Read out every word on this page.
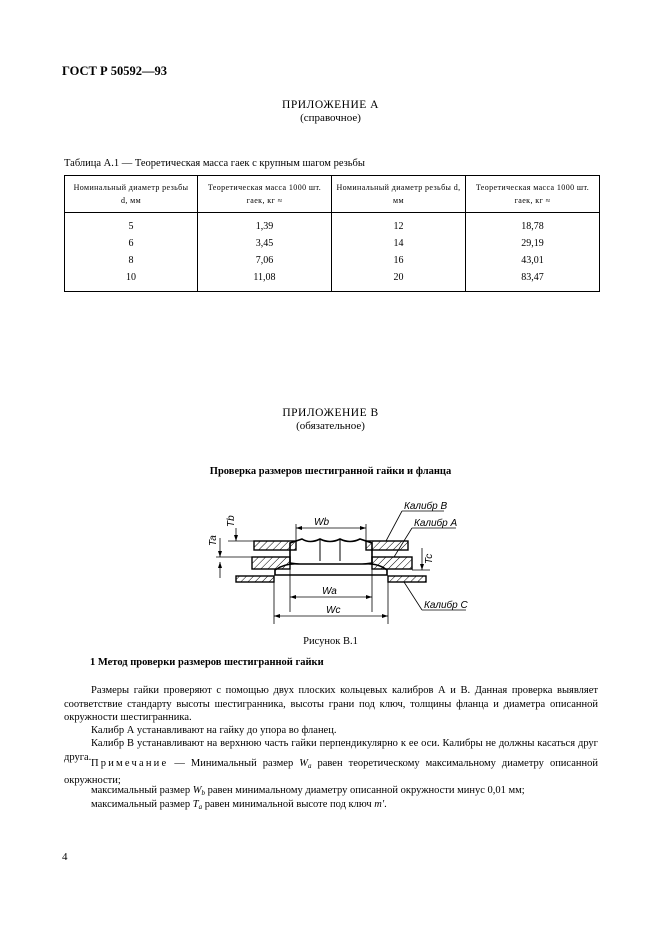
ГОСТ Р 50592—93
ПРИЛОЖЕНИЕ А
(справочное)
Таблица А.1 — Теоретическая масса гаек с крупным шагом резьбы
Номинальный диаметр резьбы d, мм	Теоретическая масса 1000 шт. гаек, кг ≈	Номинальный диаметр резьбы d, мм	Теоретическая масса 1000 шт. гаек, кг ≈
5	1,39	12	18,78
6	3,45	14	29,19
8	7,06	16	43,01
10	11,08	20	83,47
ПРИЛОЖЕНИЕ В
(обязательное)
Проверка размеров шестигранной гайки и фланца
Wb
Wa
Wc
Tb
Ta
Tc
Калибр В
Калибр А
Калибр С
Рисунок В.1
1 Метод проверки размеров шестигранной гайки
Размеры гайки проверяют с помощью двух плоских кольцевых калибров А и В. Данная проверка выявляет соответствие стандарту высоты шестигранника, высоты грани под ключ, толщины фланца и диаметра описанной окружности шестигранника.
Калибр А устанавливают на гайку до упора во фланец.
Калибр В устанавливают на верхнюю часть гайки перпендикулярно к ее оси. Калибры не должны касаться друг друга.
Примечание — Минимальный размер $W_a$ равен теоретическому максимальному диаметру описанной окружности;
максимальный размер $W_b$ равен минимальному диаметру описанной окружности минус 0,01 мм;
максимальный размер $T_a$ равен минимальной высоте под ключ m'.
4
